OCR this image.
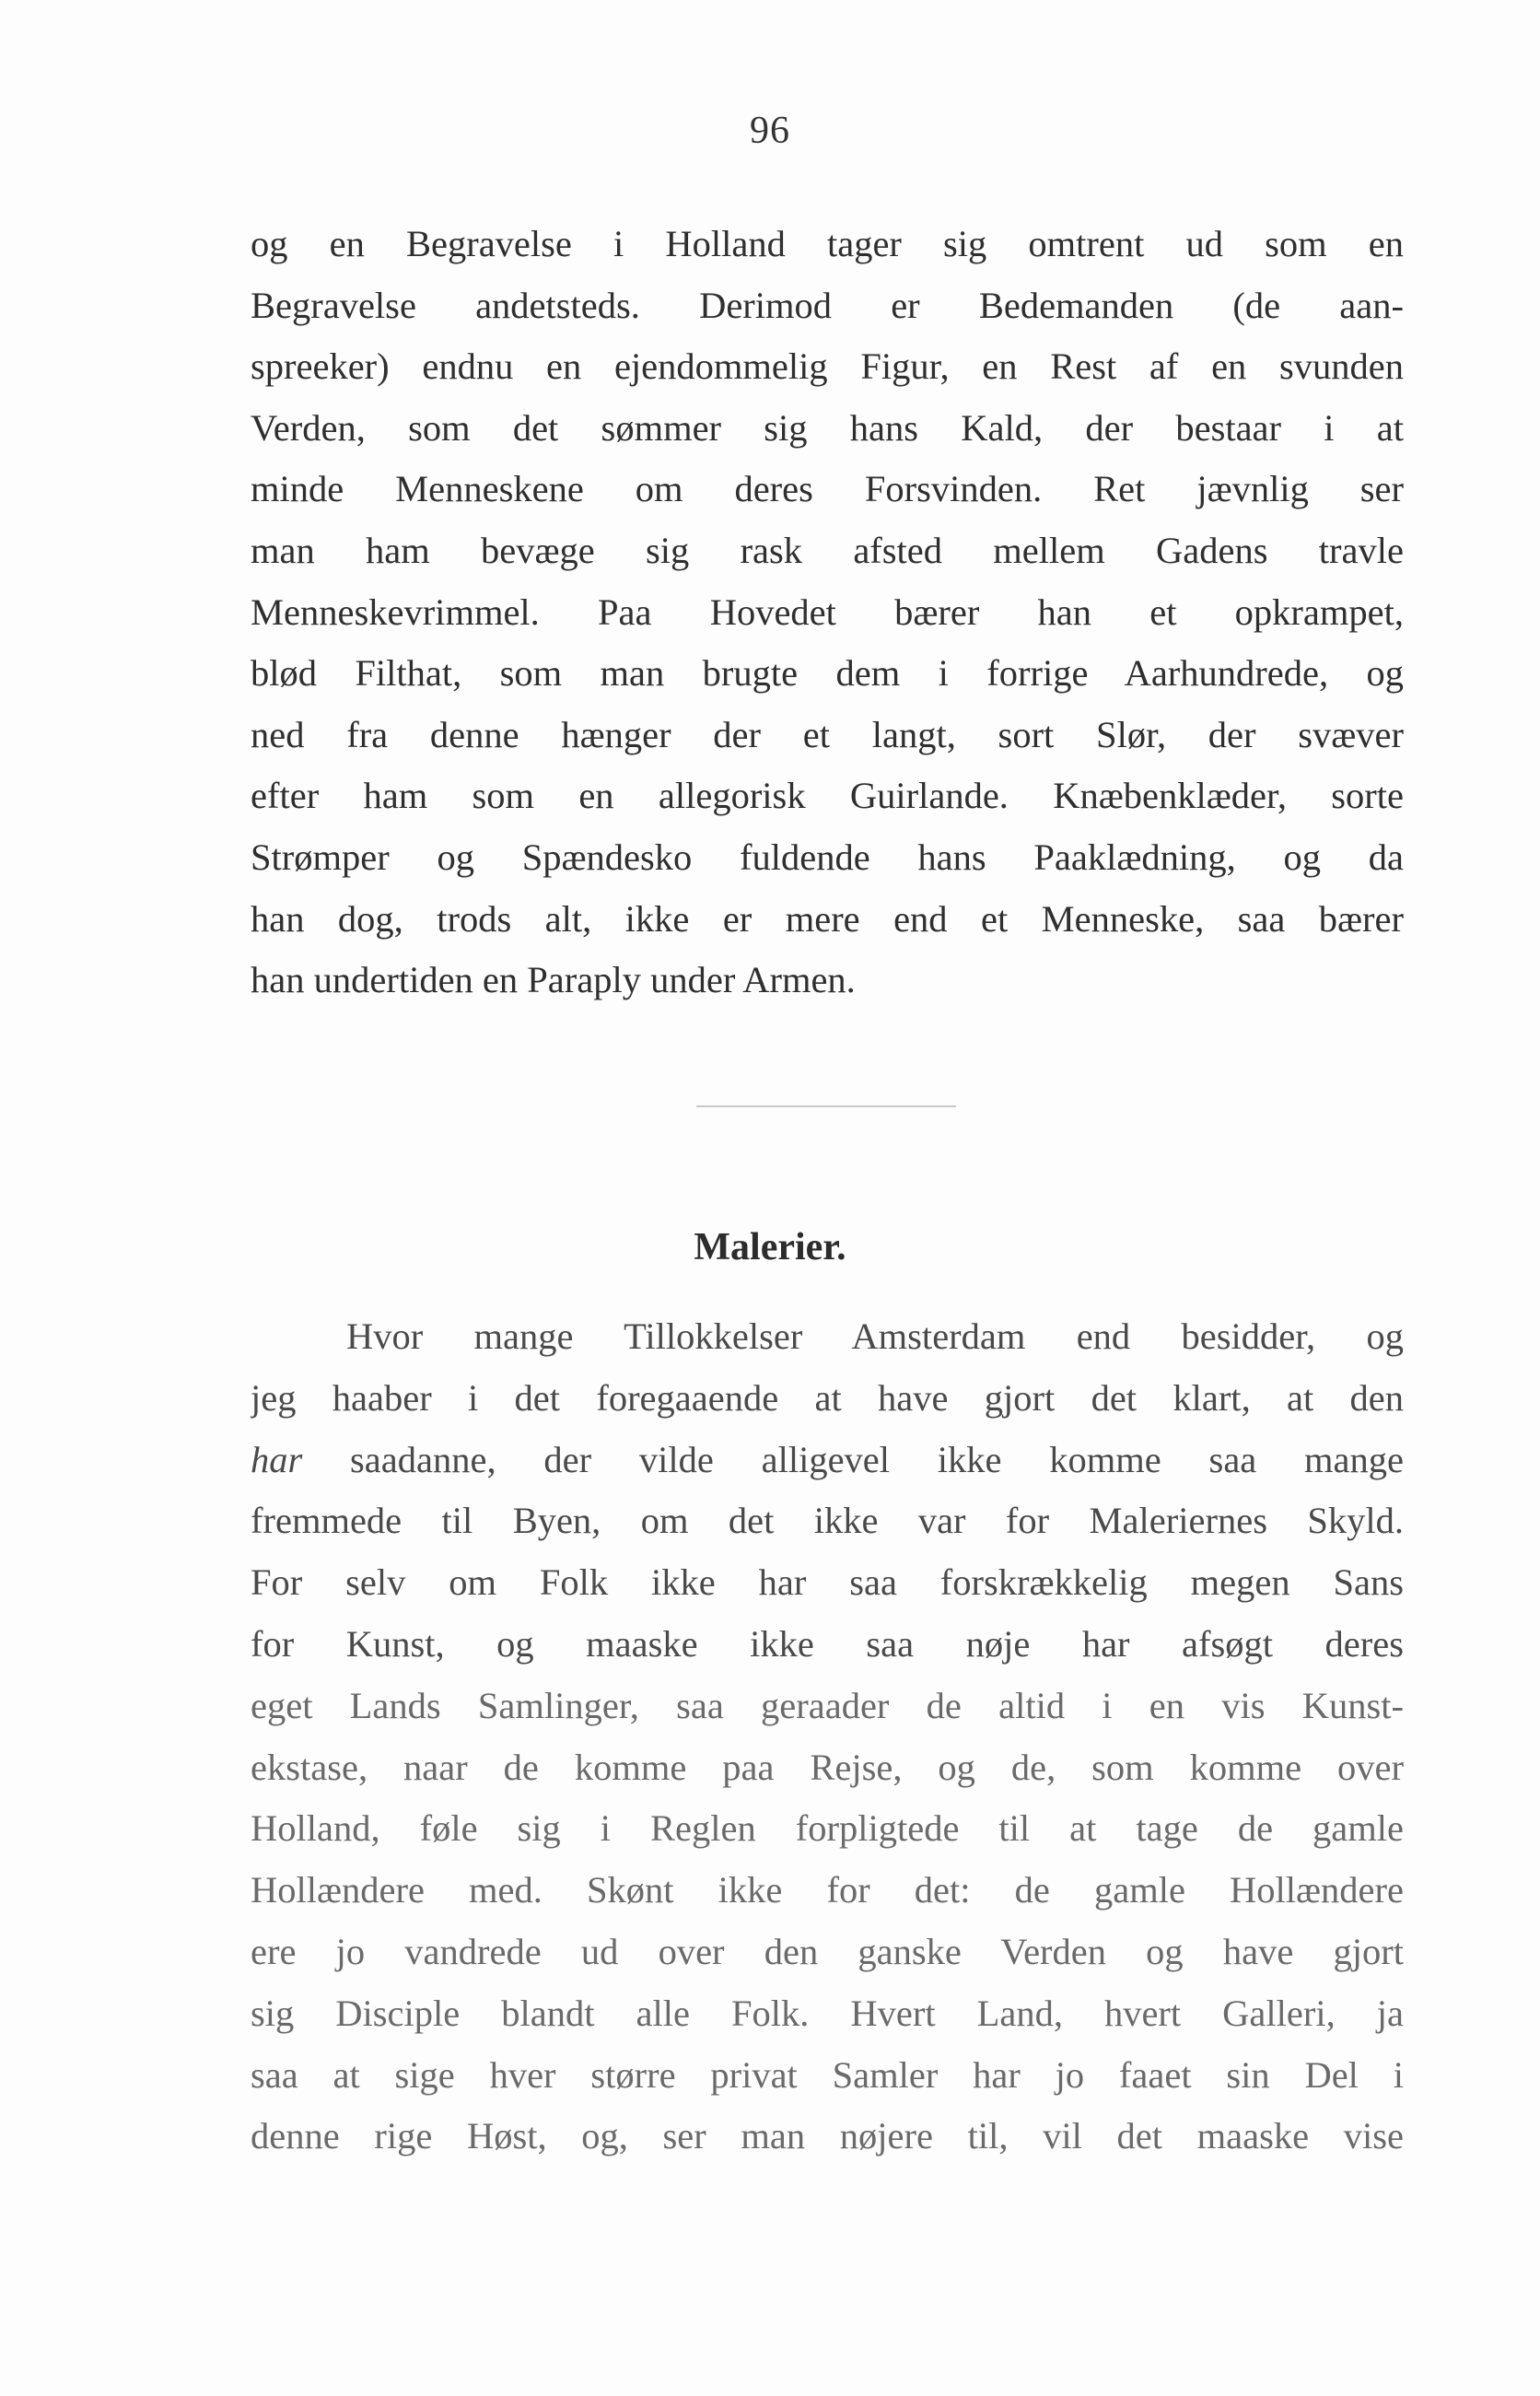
96
og en Begravelse i Holland tager sig omtrent ud som en
Begravelse andetsteds. Derimod er Bedemanden (de aan-
spreeker) endnu en ejendommelig Figur, en Rest af en svunden
Verden, som det sømmer sig hans Kald, der bestaar i at
minde Menneskene om deres Forsvinden. Ret jævnlig ser
man ham bevæge sig rask afsted mellem Gadens travle
Menneskevrimmel. Paa Hovedet bærer han et opkrampet,
blød Filthat, som man brugte dem i forrige Aarhundrede, og
ned fra denne hænger der et langt, sort Slør, der svæver
efter ham som en allegorisk Guirlande. Knæbenklæder, sorte
Strømper og Spændesko fuldende hans Paaklædning, og da
han dog, trods alt, ikke er mere end et Menneske, saa bærer
han undertiden en Paraply under Armen.
Malerier.
Hvor mange Tillokkelser Amsterdam end besidder, og
jeg haaber i det foregaaende at have gjort det klart, at den
har saadanne, der vilde alligevel ikke komme saa mange
fremmede til Byen, om det ikke var for Maleriernes Skyld.
For selv om Folk ikke har saa forskrækkelig megen Sans
for Kunst, og maaske ikke saa nøje har afsøgt deres
eget Lands Samlinger, saa geraader de altid i en vis Kunst-
ekstase, naar de komme paa Rejse, og de, som komme over
Holland, føle sig i Reglen forpligtede til at tage de gamle
Hollændere med. Skønt ikke for det: de gamle Hollændere
ere jo vandrede ud over den ganske Verden og have gjort
sig Disciple blandt alle Folk. Hvert Land, hvert Galleri, ja
saa at sige hver større privat Samler har jo faaet sin Del i
denne rige Høst, og, ser man nøjere til, vil det maaske vise
